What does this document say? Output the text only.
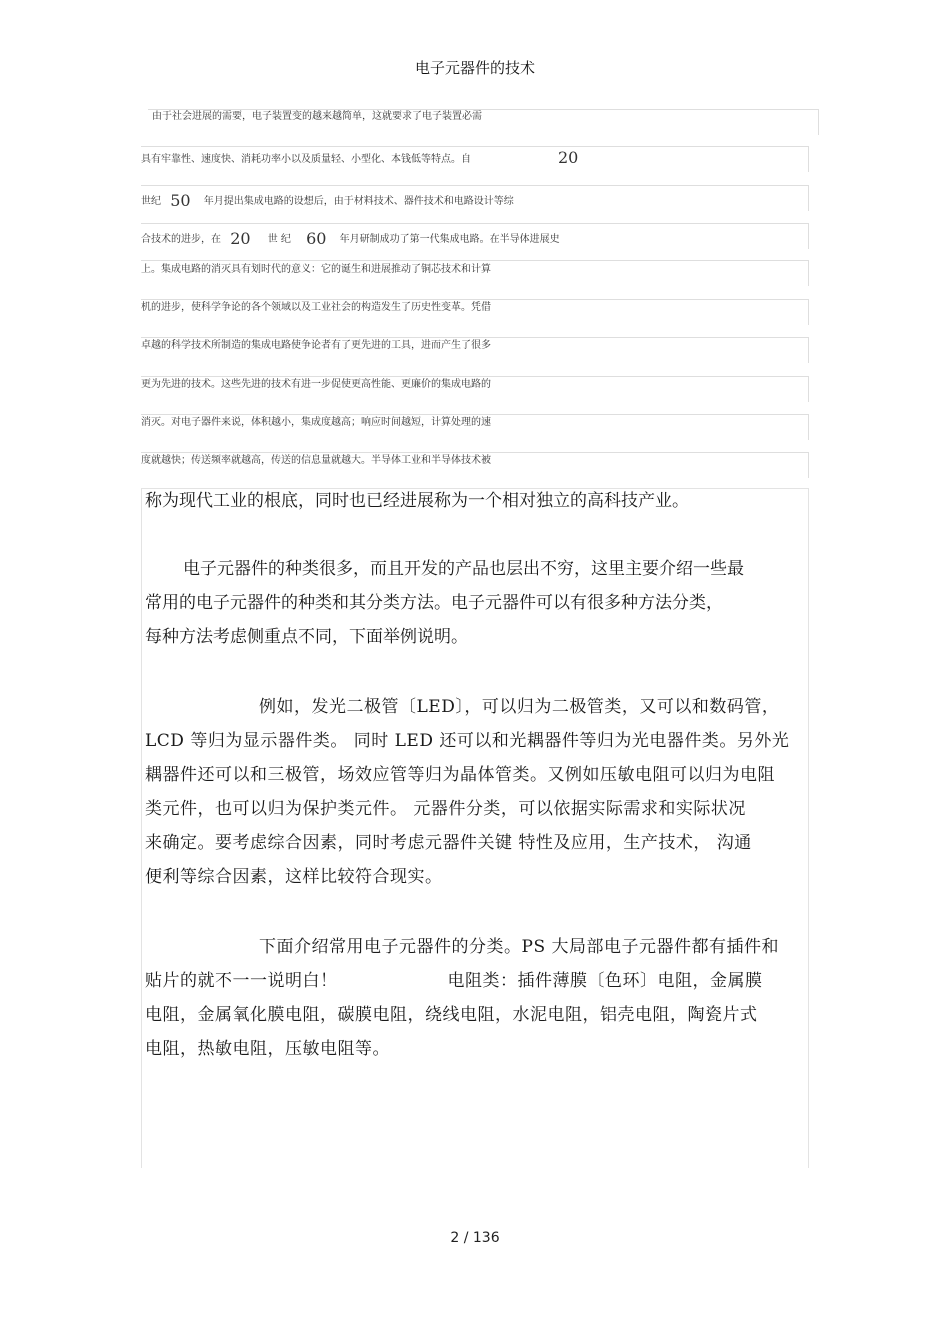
电子元器件的技术
由于社会进展的需要，电子装置变的越来越简单，这就要求了电子装置必需
具有牢靠性、速度快、消耗功率小以及质量轻、小型化、本钱低等特点。自	20
世纪 50 年月提出集成电路的设想后，由于材料技术、器件技术和电路设计等综
合技术的进步，在 20 世 纪 60 年月研制成功了第一代集成电路。在半导体进展史
上。集成电路的消灭具有划时代的意义：它的诞生和进展推动了铜芯技术和计算
机的进步，使科学争论的各个领域以及工业社会的构造发生了历史性变革。凭借
卓越的科学技术所制造的集成电路使争论者有了更先进的工具，进而产生了很多
更为先进的技术。这些先进的技术有进一步促使更高性能、更廉价的集成电路的
消灭。对电子器件来说，体积越小，集成度越高；响应时间越短，计算处理的速
度就越快；传送频率就越高，传送的信息量就越大。半导体工业和半导体技术被
称为现代工业的根底，同时也已经进展称为一个相对独立的高科技产业。
电子元器件的种类很多，而且开发的产品也层出不穷，这里主要介绍一些最
常用的电子元器件的种类和其分类方法。电子元器件可以有很多种方法分类，
每种方法考虑侧重点不同，下面举例说明。
例如，发光二极管〔LED〕，可以归为二极管类，又可以和数码管，
LCD 等归为显示器件类。 同时 LED 还可以和光耦器件等归为光电器件类。另外光
耦器件还可以和三极管，场效应管等归为晶体管类。又例如压敏电阻可以归为电阻
类元件，也可以归为保护类元件。 元器件分类，可以依据实际需求和实际状况
来确定。要考虑综合因素，同时考虑元器件关键 特性及应用，生产技术， 沟通
便利等综合因素，这样比较符合现实。
下面介绍常用电子元器件的分类。PS 大局部电子元器件都有插件和
贴片的就不一一说明白！	电阻类：插件薄膜〔色环〕电阻，金属膜
电阻，金属氧化膜电阻，碳膜电阻，绕线电阻，水泥电阻，铝壳电阻，陶瓷片式
电阻，热敏电阻，压敏电阻等。
2 / 136
